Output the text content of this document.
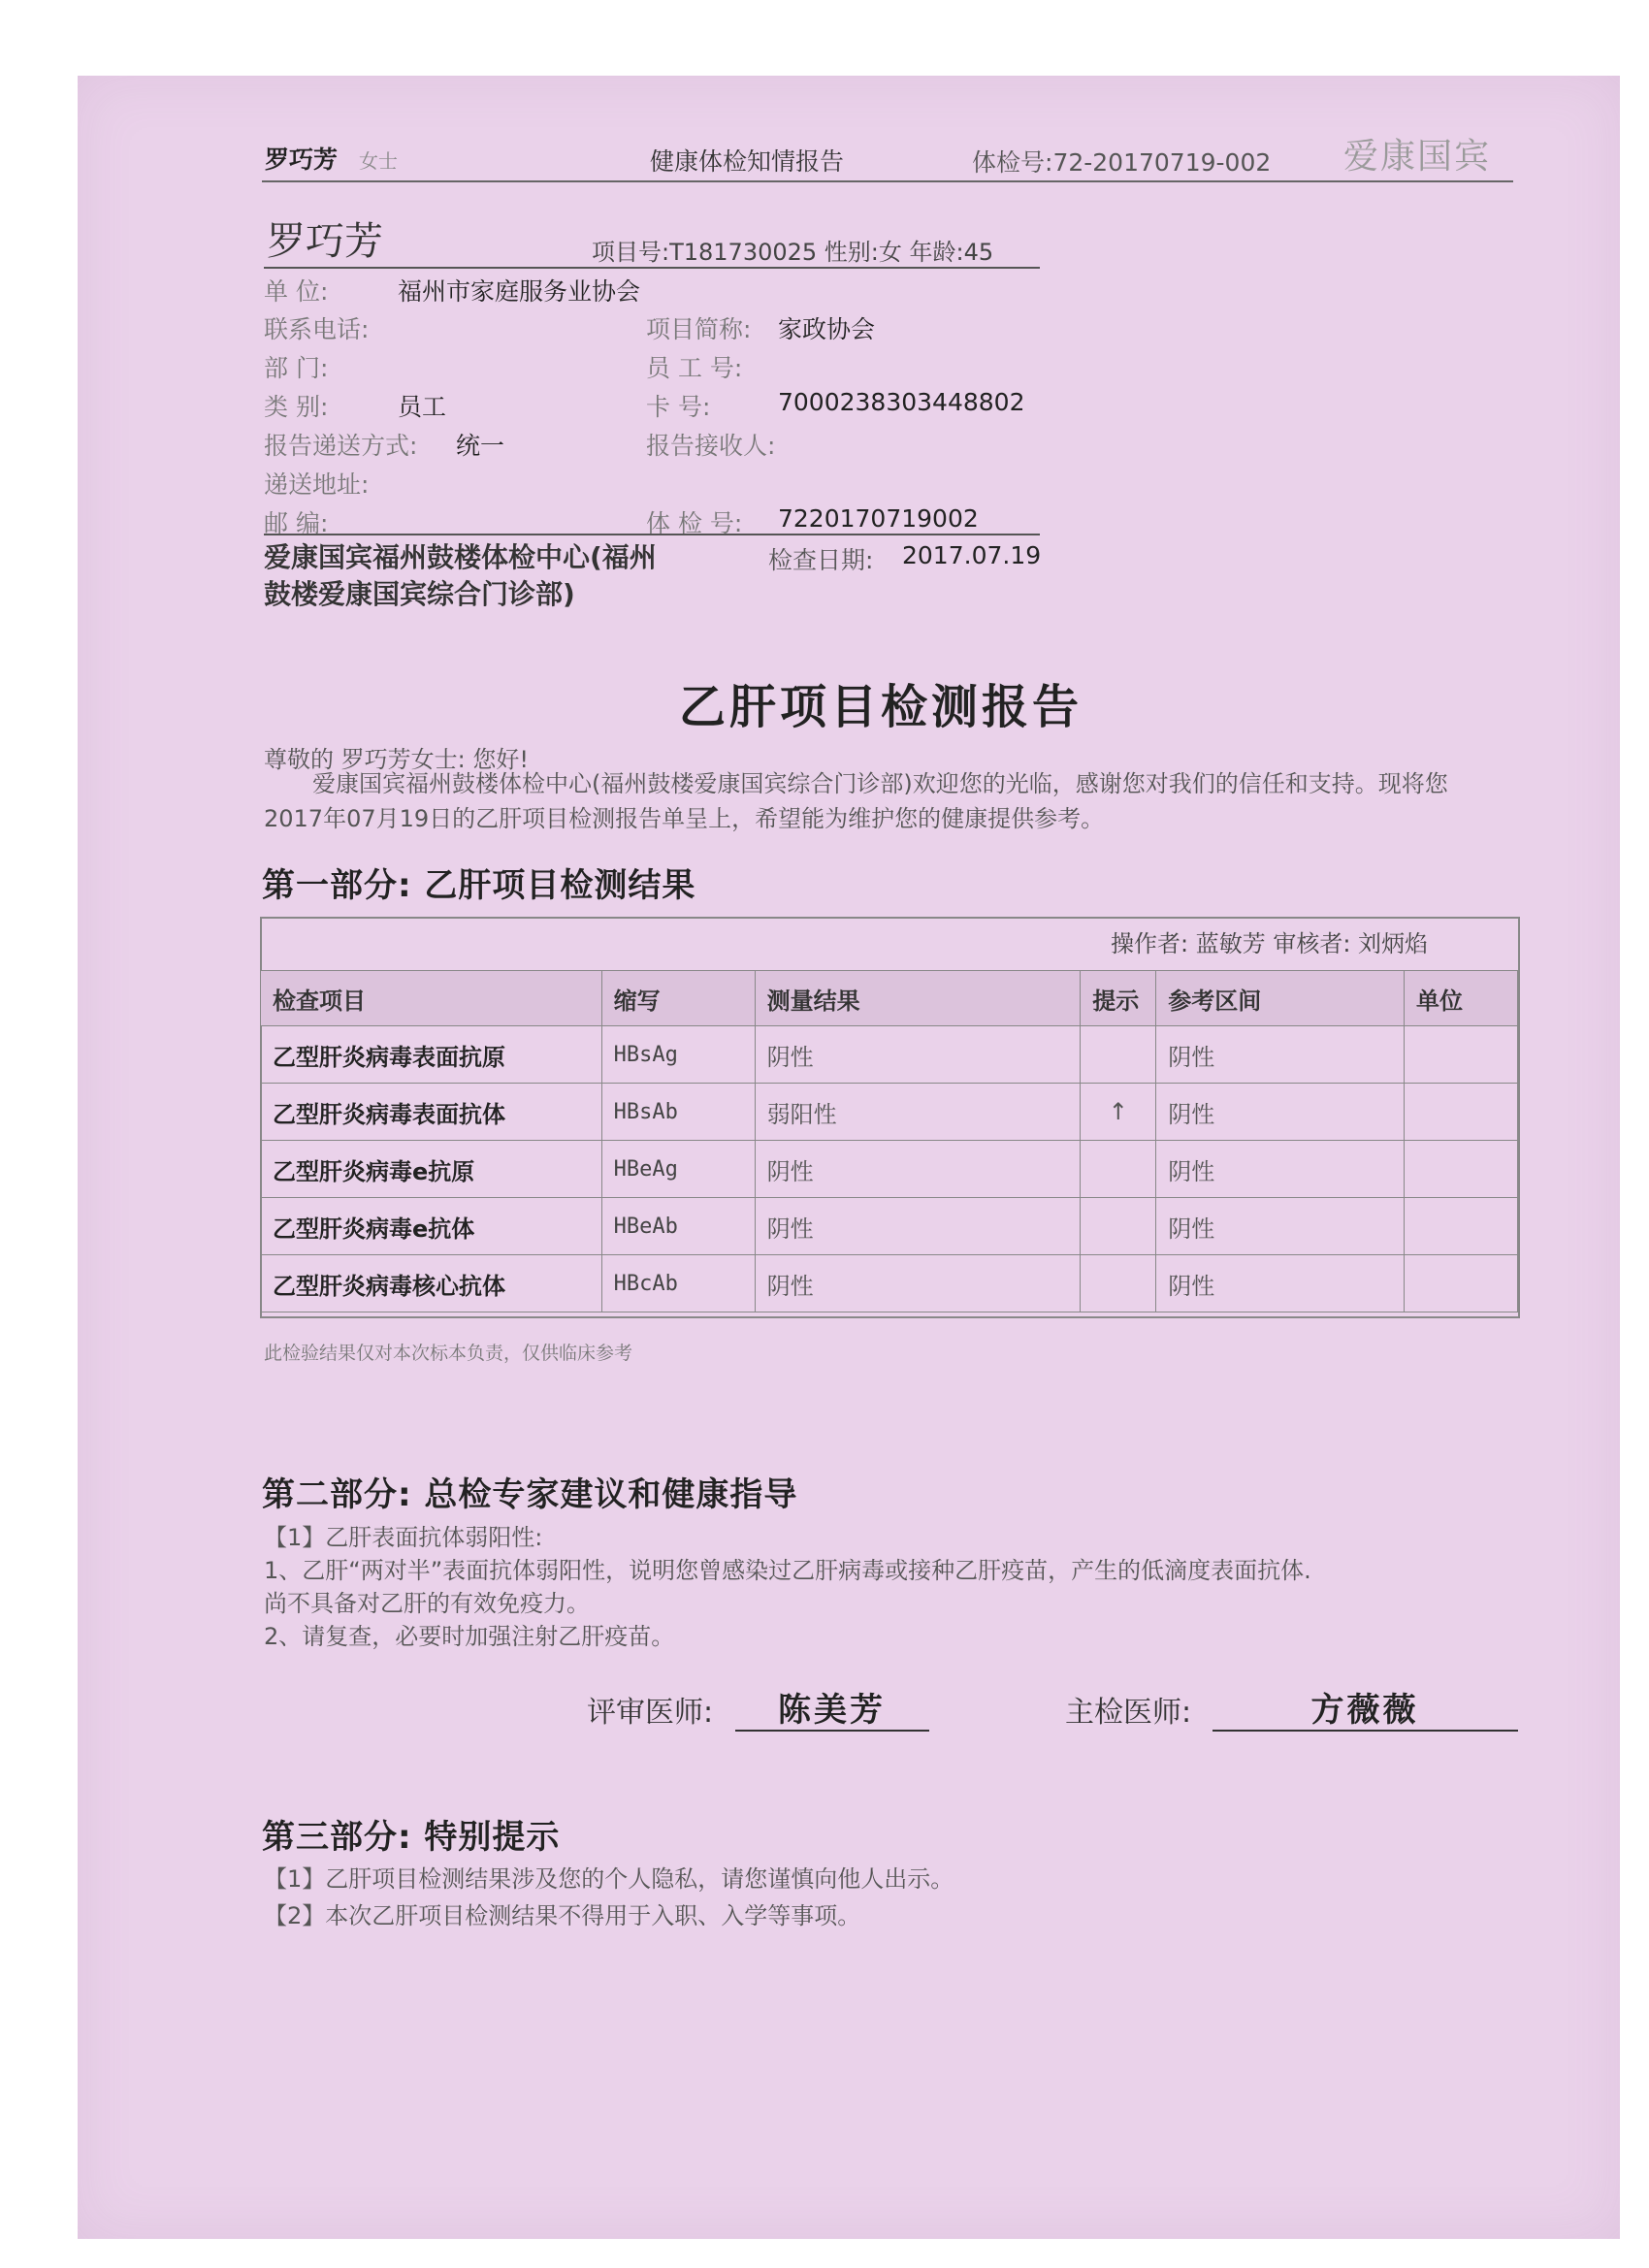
罗巧芳 女士	健康体检知情报告	体检号:72-20170719-002 爱康国宾
罗巧芳	项目号:T181730025 性别:女 年龄:45
单 位:	福州市家庭服务业协会
联系电话:	项目简称: 家政协会
部 门:	员 工 号:
类 别:	员工	卡 号:	7000238303448802
报告递送方式: 统一	报告接收人:
递送地址:
邮 编:	体 检 号: 7220170719002
爱康国宾福州鼓楼体检中心(福州鼓楼爱康国宾综合门诊部)
检查日期: 2017.07.19
乙肝项目检测报告
尊敬的 罗巧芳女士: 您好!
爱康国宾福州鼓楼体检中心(福州鼓楼爱康国宾综合门诊部)欢迎您的光临，感谢您对我们的信任和支持。现将您2017年07月19日的乙肝项目检测报告单呈上，希望能为维护您的健康提供参考。
第一部分: 乙肝项目检测结果
操作者: 蓝敏芳 审核者: 刘炳焰
检查项目	缩写	测量结果	提示	参考区间	单位
乙型肝炎病毒表面抗原	HBsAg	阴性		阴性	
乙型肝炎病毒表面抗体	HBsAb	弱阳性	↑	阴性	
乙型肝炎病毒e抗原	HBeAg	阴性		阴性	
乙型肝炎病毒e抗体	HBeAb	阴性		阴性	
乙型肝炎病毒核心抗体	HBcAb	阴性		阴性	
此检验结果仅对本次标本负责，仅供临床参考
第二部分: 总检专家建议和健康指导
【1】乙肝表面抗体弱阳性:
1、乙肝“两对半”表面抗体弱阳性，说明您曾感染过乙肝病毒或接种乙肝疫苗，产生的低滴度表面抗体.
尚不具备对乙肝的有效免疫力。
2、请复查，必要时加强注射乙肝疫苗。
评审医师:	陈美芳	主检医师:	方薇薇
第三部分: 特别提示
【1】乙肝项目检测结果涉及您的个人隐私，请您谨慎向他人出示。
【2】本次乙肝项目检测结果不得用于入职、入学等事项。
